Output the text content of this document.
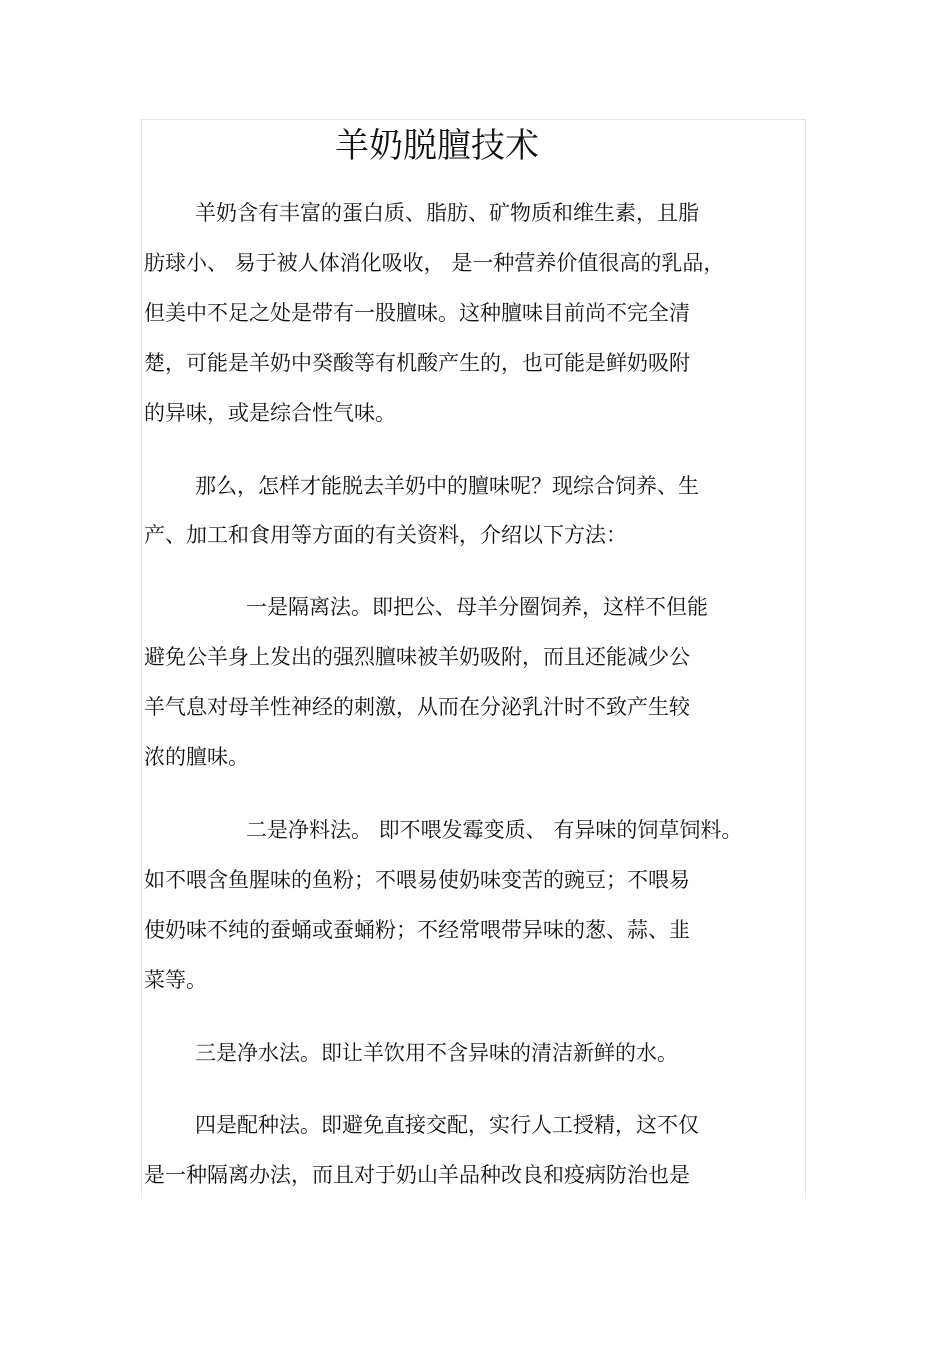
羊奶脱膻技术
羊奶含有丰富的蛋白质、脂肪、矿物质和维生素，且脂
肪球小、 易于被人体消化吸收， 是一种营养价值很高的乳品，
但美中不足之处是带有一股膻味。这种膻味目前尚不完全清
楚，可能是羊奶中癸酸等有机酸产生的，也可能是鲜奶吸附
的异味，或是综合性气味。
那么，怎样才能脱去羊奶中的膻味呢？现综合饲养、生
产、加工和食用等方面的有关资料，介绍以下方法：
一是隔离法。即把公、母羊分圈饲养，这样不但能
避免公羊身上发出的强烈膻味被羊奶吸附，而且还能减少公
羊气息对母羊性神经的刺激，从而在分泌乳汁时不致产生较
浓的膻味。
二是净料法。 即不喂发霉变质、 有异味的饲草饲料。
如不喂含鱼腥味的鱼粉；不喂易使奶味变苦的豌豆；不喂易
使奶味不纯的蚕蛹或蚕蛹粉；不经常喂带异味的葱、蒜、韭
菜等。
三是净水法。即让羊饮用不含异味的清洁新鲜的水。
四是配种法。即避免直接交配，实行人工授精，这不仅
是一种隔离办法，而且对于奶山羊品种改良和疫病防治也是
